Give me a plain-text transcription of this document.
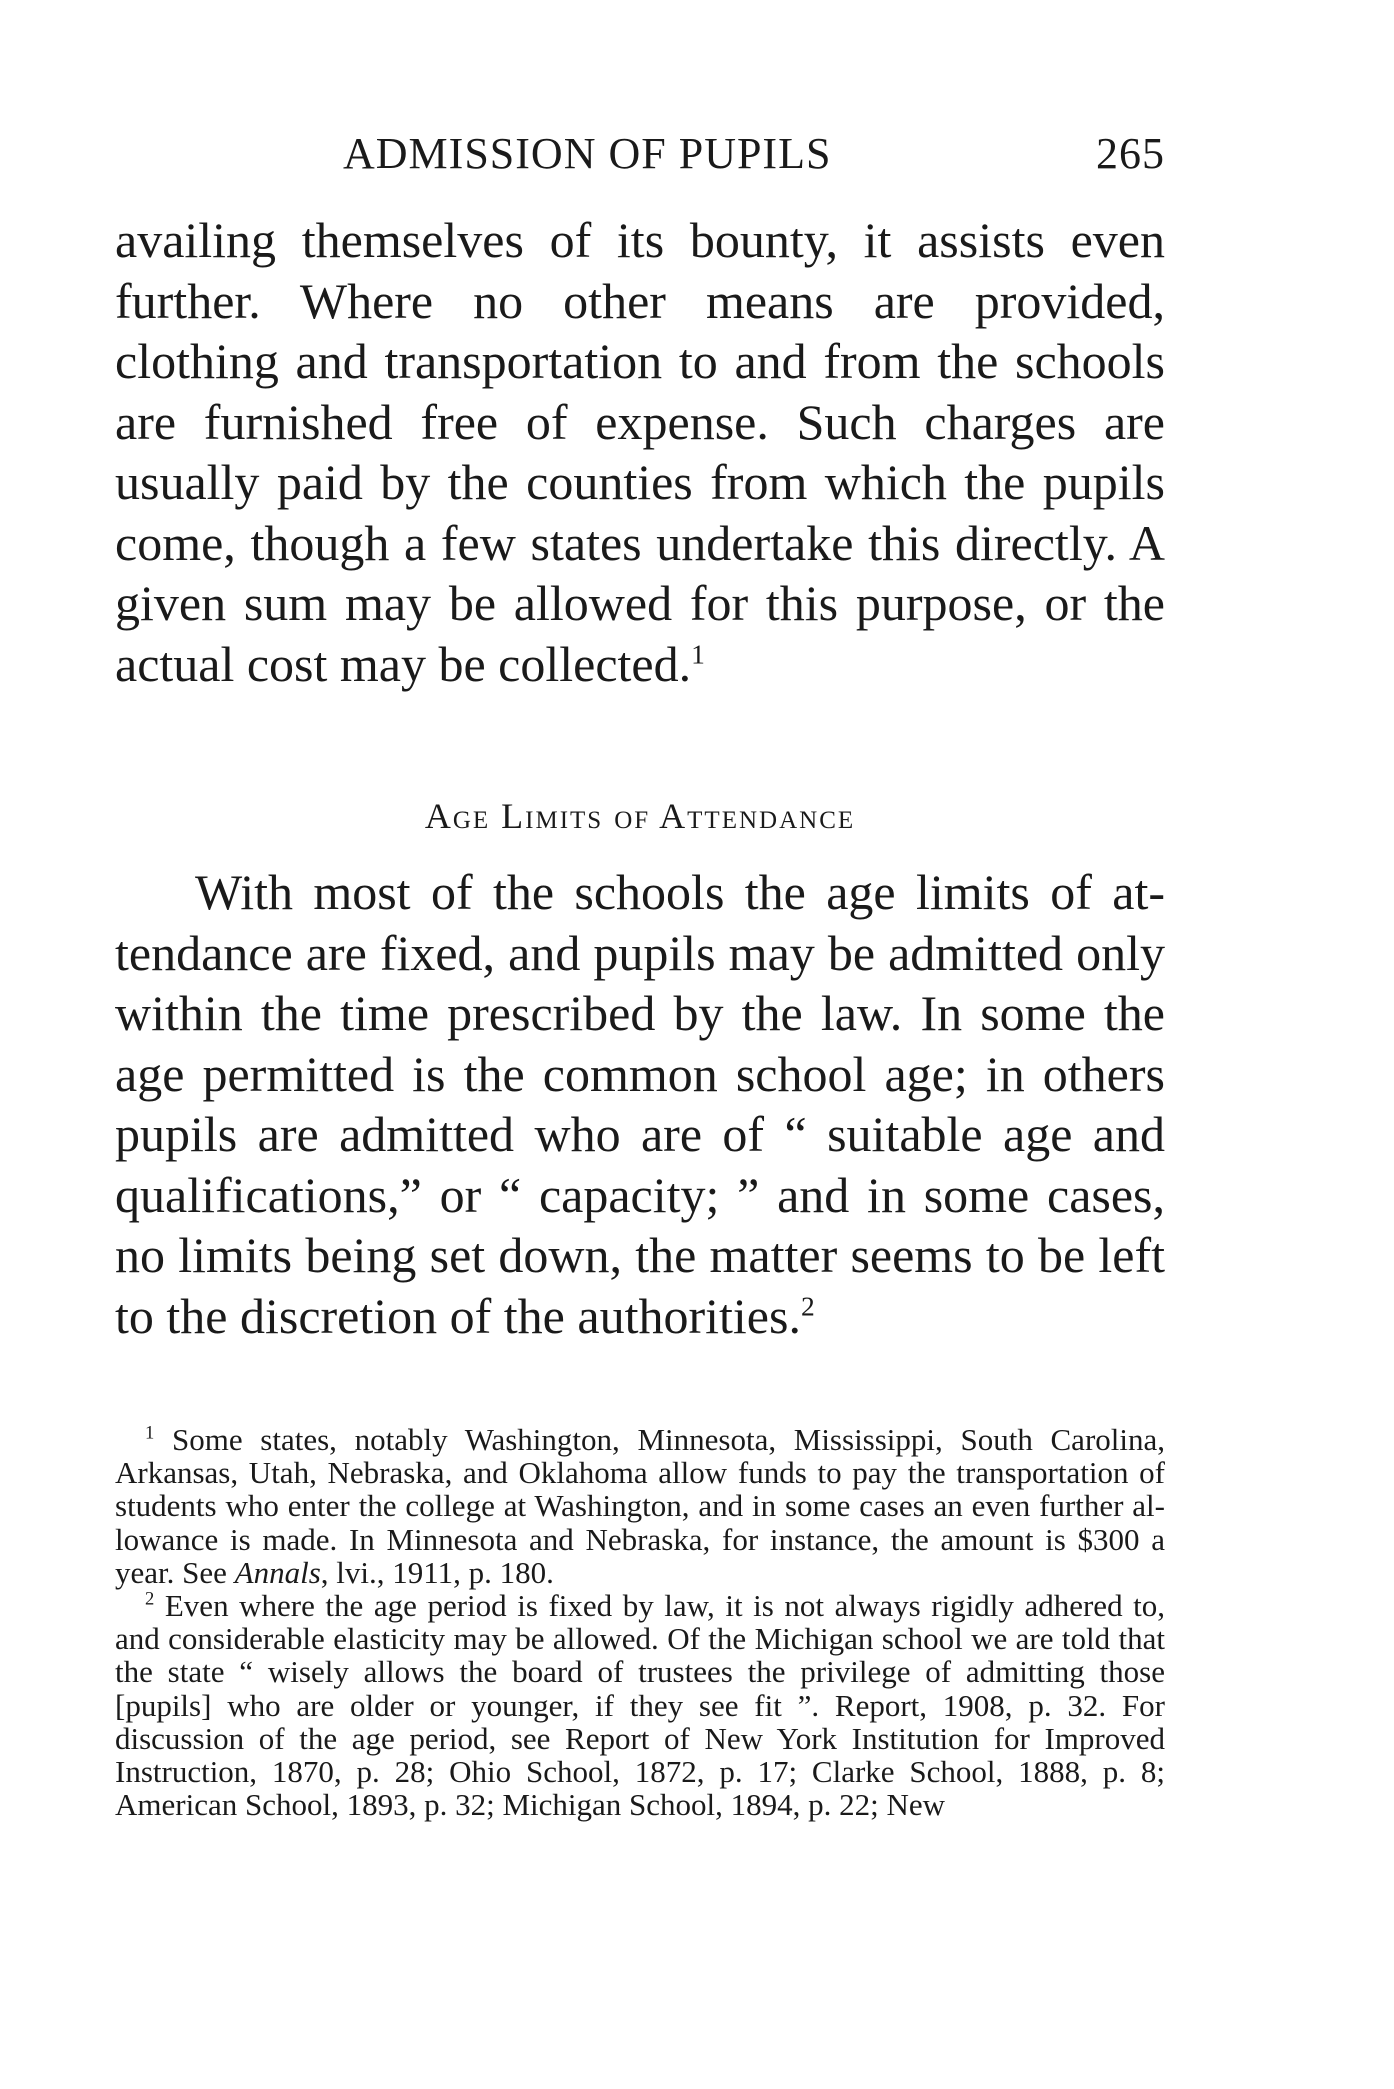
ADMISSION OF PUPILS	265
availing themselves of its bounty, it assists even further. Where no other means are provided, clothing and transportation to and from the schools are furnished free of expense. Such charges are usually paid by the counties from which the pupils come, though a few states undertake this directly. A given sum may be allowed for this purpose, or the actual cost may be collected.$^1$
Age Limits of Attendance
With most of the schools the age limits of attendance are fixed, and pupils may be admitted only within the time prescribed by the law. In some the age permitted is the common school age; in others pupils are admitted who are of “ suitable age and qualifications,” or “ capacity; ” and in some cases, no limits being set down, the matter seems to be left to the discretion of the authorities.$^2$

$^1$ Some states, notably Washington, Minnesota, Mississippi, South Carolina, Arkansas, Utah, Nebraska, and Oklahoma allow funds to pay the transportation of students who enter the college at Washington, and in some cases an even further allowance is made. In Minnesota and Nebraska, for instance, the amount is $300 a year. See Annals, lvi., 1911, p. 180.

$^2$ Even where the age period is fixed by law, it is not always rigidly adhered to, and considerable elasticity may be allowed. Of the Michigan school we are told that the state “ wisely allows the board of trustees the privilege of admitting those [pupils] who are older or younger, if they see fit ”. Report, 1908, p. 32. For discussion of the age period, see Report of New York Institution for Improved Instruction, 1870, p. 28; Ohio School, 1872, p. 17; Clarke School, 1888, p. 8; American School, 1893, p. 32; Michigan School, 1894, p. 22; New
